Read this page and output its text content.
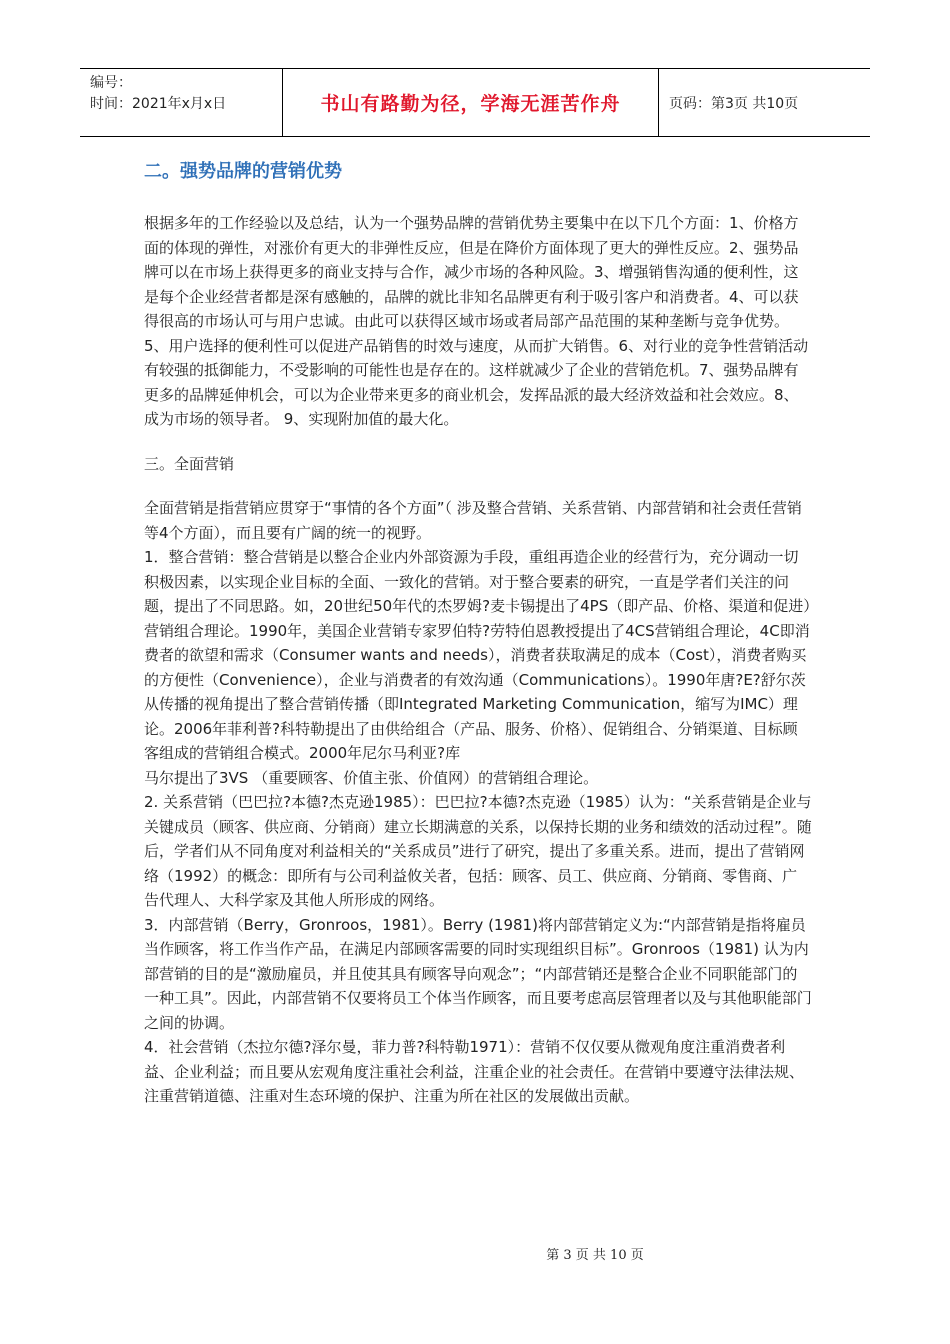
编号：
时间：2021年x月x日	书山有路勤为径，学海无涯苦作舟	页码：第3页 共10页
二。强势品牌的营销优势

根据多年的工作经验以及总结，认为一个强势品牌的营销优势主要集中在以下几个方面：1、价格方面的体现的弹性，对涨价有更大的非弹性反应，但是在降价方面体现了更大的弹性反应。2、强势品牌可以在市场上获得更多的商业支持与合作，减少市场的各种风险。3、增强销售沟通的便利性，这是每个企业经营者都是深有感触的，品牌的就比非知名品牌更有利于吸引客户和消费者。4、可以获得很高的市场认可与用户忠诚。由此可以获得区域市场或者局部产品范围的某种垄断与竞争优势。5、用户选择的便利性可以促进产品销售的时效与速度，从而扩大销售。6、对行业的竞争性营销活动有较强的抵御能力，不受影响的可能性也是存在的。这样就减少了企业的营销危机。7、强势品牌有更多的品牌延伸机会，可以为企业带来更多的商业机会，发挥品派的最大经济效益和社会效应。8、成为市场的领导者。 9、实现附加值的最大化。

三。全面营销

全面营销是指营销应贯穿于“事情的各个方面”（ 涉及整合营销、关系营销、内部营销和社会责任营销等4个方面），而且要有广阔的统一的视野。

1．整合营销：整合营销是以整合企业内外部资源为手段，重组再造企业的经营行为，充分调动一切积极因素，以实现企业目标的全面、一致化的营销。对于整合要素的研究，一直是学者们关注的问题，提出了不同思路。如，20世纪50年代的杰罗姆?麦卡锡提出了4PS（即产品、价格、渠道和促进）营销组合理论。1990年，美国企业营销专家罗伯特?劳特伯恩教授提出了4CS营销组合理论，4C即消费者的欲望和需求（Consumer wants and needs），消费者获取满足的成本（Cost），消费者购买的方便性（Convenience），企业与消费者的有效沟通（Communications）。1990年唐?E?舒尔茨从传播的视角提出了整合营销传播（即Integrated Marketing Communication，缩写为IMC）理论。2006年菲利普?科特勒提出了由供给组合（产品、服务、价格）、促销组合、分销渠道、目标顾客组成的营销组合模式。2000年尼尔马利亚?库

马尔提出了3VS （重要顾客、价值主张、价值网）的营销组合理论。

2. 关系营销（巴巴拉?本德?杰克逊1985）：巴巴拉?本德?杰克逊（1985）认为：“关系营销是企业与关键成员（顾客、供应商、分销商）建立长期满意的关系，以保持长期的业务和绩效的活动过程”。随后，学者们从不同角度对利益相关的“关系成员”进行了研究，提出了多重关系。进而，提出了营销网络（1992）的概念：即所有与公司利益攸关者，包括：顾客、员工、供应商、分销商、零售商、广告代理人、大科学家及其他人所形成的网络。

3．内部营销（Berry，Gronroos，1981）。Berry (1981)将内部营销定义为:“内部营销是指将雇员当作顾客，将工作当作产品，在满足内部顾客需要的同时实现组织目标”。Gronroos（1981) 认为内部营销的目的是“激励雇员，并且使其具有顾客导向观念”；“内部营销还是整合企业不同职能部门的一种工具”。因此，内部营销不仅要将员工个体当作顾客，而且要考虑高层管理者以及与其他职能部门之间的协调。

4．社会营销（杰拉尔德?泽尔曼，菲力普?科特勒1971）：营销不仅仅要从微观角度注重消费者利益、企业利益；而且要从宏观角度注重社会利益，注重企业的社会责任。在营销中要遵守法律法规、注重营销道德、注重对生态环境的保护、注重为所在社区的发展做出贡献。

第 3 页 共 10 页
